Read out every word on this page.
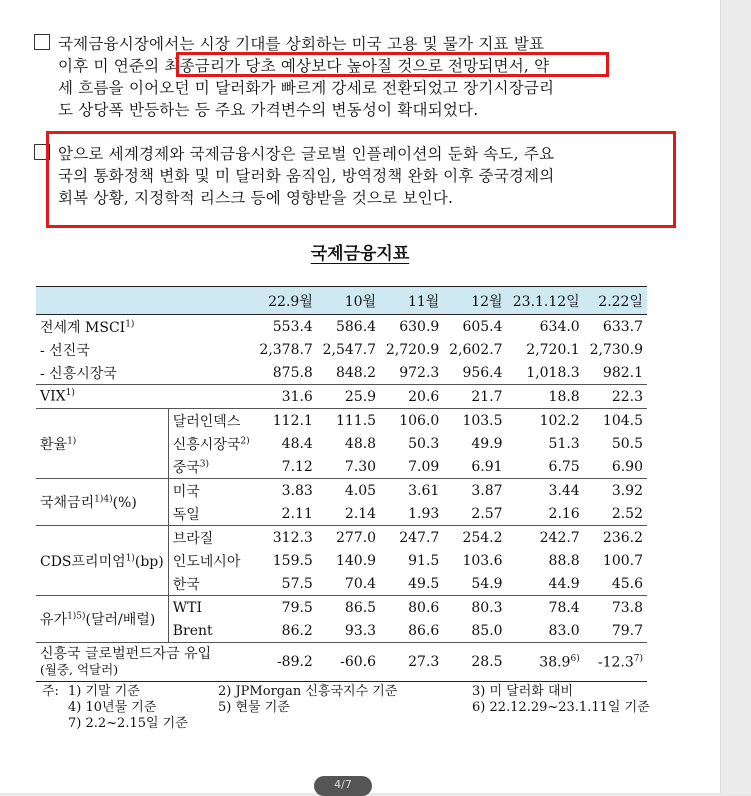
국제금융시장에서는 시장 기대를 상회하는 미국 고용 및 물가 지표 발표
이후 미 연준의 최종금리가 당초 예상보다 높아질 것으로 전망되면서, 약
세 흐름을 이어오던 미 달러화가 빠르게 강세로 전환되었고 장기시장금리
도 상당폭 반등하는 등 주요 가격변수의 변동성이 확대되었다.
앞으로 세계경제와 국제금융시장은 글로벌 인플레이션의 둔화 속도, 주요
국의 통화정책 변화 및 미 달러화 움직임, 방역정책 완화 이후 중국경제의
회복 상황, 지정학적 리스크 등에 영향받을 것으로 보인다.
국제금융지표
		22.9월	10월	11월	12월	23.1.12일	2.22일
전세계 MSCI$^{1)}$		553.4	586.4	630.9	605.4	634.0	633.7
- 선진국		2,378.7	2,547.7	2,720.9	2,602.7	2,720.1	2,730.9
- 신흥시장국		875.8	848.2	972.3	956.4	1,018.3	982.1
VIX$^{1)}$		31.6	25.9	20.6	21.7	18.8	22.3
환율$^{1)}$	달러인덱스	112.1	111.5	106.0	103.5	102.2	104.5
	신흥시장국$^{2)}$	48.4	48.8	50.3	49.9	51.3	50.5
	중국$^{3)}$	7.12	7.30	7.09	6.91	6.75	6.90
국채금리$^{1)4)}$(%)	미국	3.83	4.05	3.61	3.87	3.44	3.92
	독일	2.11	2.14	1.93	2.57	2.16	2.52
CDS프리미엄$^{1)}$(bp)	브라질	312.3	277.0	247.7	254.2	242.7	236.2
	인도네시아	159.5	140.9	91.5	103.6	88.8	100.7
	한국	57.5	70.4	49.5	54.9	44.9	45.6
유가$^{1)5)}$(달러/배럴)	WTI	79.5	86.5	80.6	80.3	78.4	73.8
	Brent	86.2	93.3	86.6	85.0	83.0	79.7

신흥국 글로벌펀드자금 유입
(월중, 억달러)		-89.2	-60.6	27.3	28.5	38.9$^{6)}$	-12.3$^{7)}$
주: 1) 기말 기준	2) JPMorgan 신흥국지수 기준	3) 미 달러화 대비
4) 10년물 기준	5) 현물 기준	6) 22.12.29~23.1.11일 기준
7) 2.2~2.15일 기준
4/7
